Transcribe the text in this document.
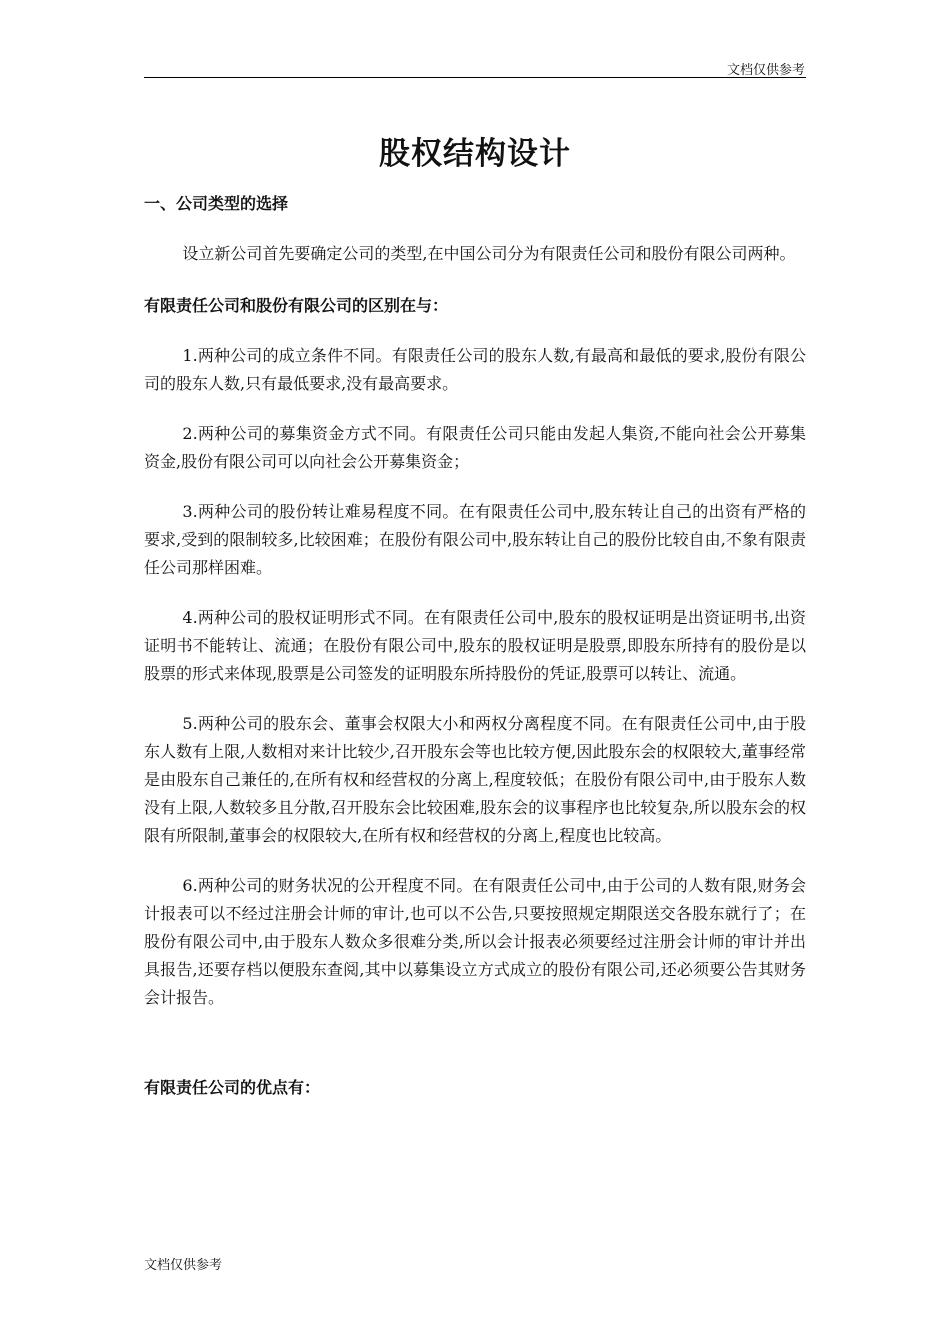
文档仅供参考
股权结构设计

一、公司类型的选择

设立新公司首先要确定公司的类型,在中国公司分为有限责任公司和股份有限公司两种。

有限责任公司和股份有限公司的区别在与：

1.两种公司的成立条件不同。有限责任公司的股东人数,有最高和最低的要求,股份有限公司的股东人数,只有最低要求,没有最高要求。

2.两种公司的募集资金方式不同。有限责任公司只能由发起人集资,不能向社会公开募集资金,股份有限公司可以向社会公开募集资金；

3.两种公司的股份转让难易程度不同。在有限责任公司中,股东转让自己的出资有严格的要求,受到的限制较多,比较困难；在股份有限公司中,股东转让自己的股份比较自由,不象有限责任公司那样困难。

4.两种公司的股权证明形式不同。在有限责任公司中,股东的股权证明是出资证明书,出资证明书不能转让、流通；在股份有限公司中,股东的股权证明是股票,即股东所持有的股份是以股票的形式来体现,股票是公司签发的证明股东所持股份的凭证,股票可以转让、流通。

5.两种公司的股东会、董事会权限大小和两权分离程度不同。在有限责任公司中,由于股东人数有上限,人数相对来计比较少,召开股东会等也比较方便,因此股东会的权限较大,董事经常是由股东自己兼任的,在所有权和经营权的分离上,程度较低；在股份有限公司中,由于股东人数没有上限,人数较多且分散,召开股东会比较困难,股东会的议事程序也比较复杂,所以股东会的权限有所限制,董事会的权限较大,在所有权和经营权的分离上,程度也比较高。

6.两种公司的财务状况的公开程度不同。在有限责任公司中,由于公司的人数有限,财务会计报表可以不经过注册会计师的审计,也可以不公告,只要按照规定期限送交各股东就行了；在股份有限公司中,由于股东人数众多很难分类,所以会计报表必须要经过注册会计师的审计并出具报告,还要存档以便股东查阅,其中以募集设立方式成立的股份有限公司,还必须要公告其财务会计报告。

有限责任公司的优点有：

文档仅供参考
